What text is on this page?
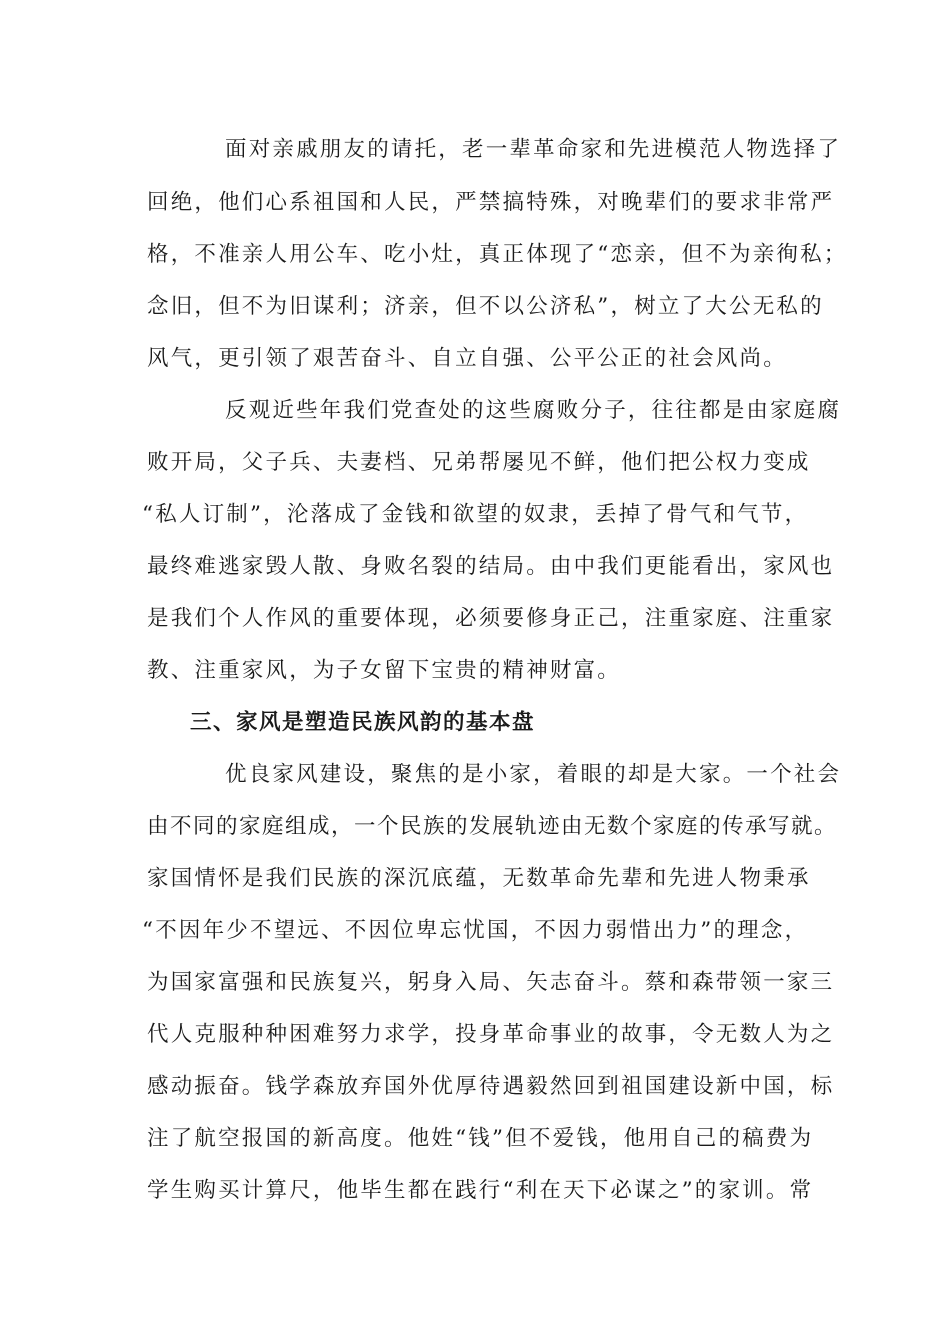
面对亲戚朋友的请托，老一辈革命家和先进模范人物选择了
回绝，他们心系祖国和人民，严禁搞特殊，对晚辈们的要求非常严
格，不准亲人用公车、吃小灶，真正体现了“恋亲，但不为亲徇私；
念旧，但不为旧谋利；济亲，但不以公济私”，树立了大公无私的
风气，更引领了艰苦奋斗、自立自强、公平公正的社会风尚。
反观近些年我们党查处的这些腐败分子，往往都是由家庭腐
败开局，父子兵、夫妻档、兄弟帮屡见不鲜，他们把公权力变成
“私人订制”，沦落成了金钱和欲望的奴隶，丢掉了骨气和气节，
最终难逃家毁人散、身败名裂的结局。由中我们更能看出，家风也
是我们个人作风的重要体现，必须要修身正己，注重家庭、注重家
教、注重家风，为子女留下宝贵的精神财富。
三、家风是塑造民族风韵的基本盘
优良家风建设，聚焦的是小家，着眼的却是大家。一个社会
由不同的家庭组成，一个民族的发展轨迹由无数个家庭的传承写就。
家国情怀是我们民族的深沉底蕴，无数革命先辈和先进人物秉承
“不因年少不望远、不因位卑忘忧国，不因力弱惜出力”的理念，
为国家富强和民族复兴，躬身入局、矢志奋斗。蔡和森带领一家三
代人克服种种困难努力求学，投身革命事业的故事，令无数人为之
感动振奋。钱学森放弃国外优厚待遇毅然回到祖国建设新中国，标
注了航空报国的新高度。他姓“钱”但不爱钱，他用自己的稿费为
学生购买计算尺，他毕生都在践行“利在天下必谋之”的家训。常
